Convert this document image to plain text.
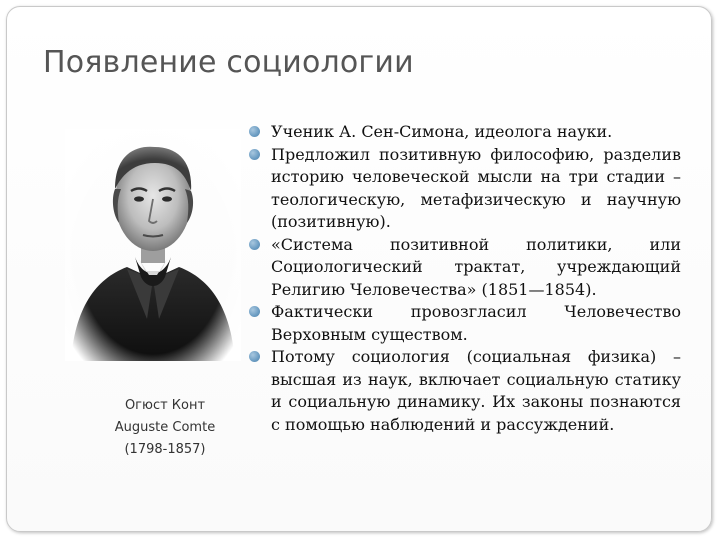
Появление социологии
Огюст Конт
Auguste Comte
(1798-1857)
Ученик А. Сен-Симона, идеолога науки.
Предложил позитивную философию, разделив историю человеческой мысли на три стадии – теологическую, метафизическую и научную (позитивную).
«Система позитивной политики, или Социологический трактат, учреждающий Религию Человечества» (1851—1854).
Фактически провозгласил Человечество Верховным существом.
Потому социология (социальная физика) – высшая из наук, включает социальную статику и социальную динамику. Их законы познаются с помощью наблюдений и рассуждений.
